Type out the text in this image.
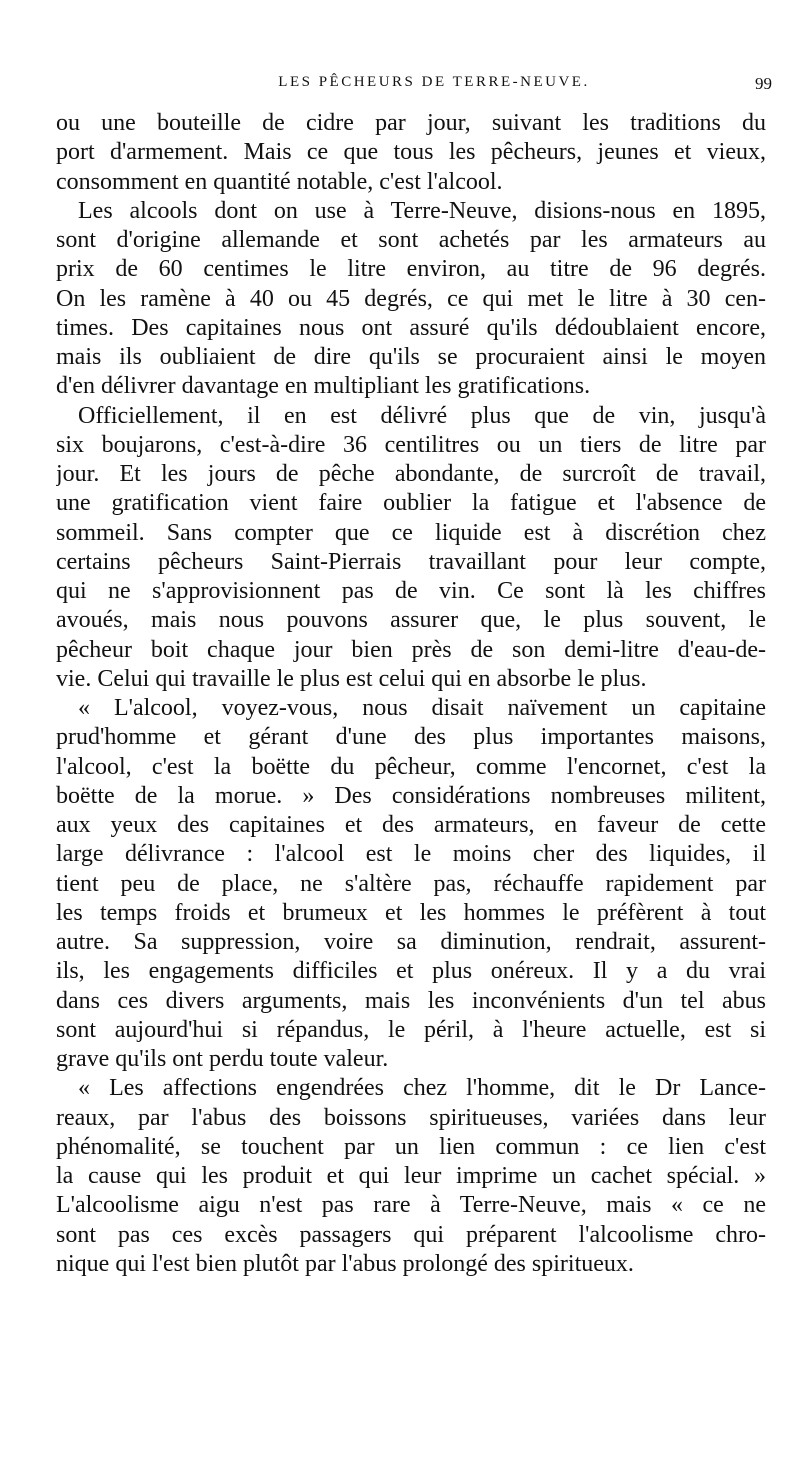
LES PÊCHEURS DE TERRE-NEUVE.	99
ou une bouteille de cidre par jour, suivant les traditions du
port d'armement. Mais ce que tous les pêcheurs, jeunes et vieux,
consomment en quantité notable, c'est l'alcool.
Les alcools dont on use à Terre-Neuve, disions-nous en 1895,
sont d'origine allemande et sont achetés par les armateurs au
prix de 60 centimes le litre environ, au titre de 96 degrés.
On les ramène à 40 ou 45 degrés, ce qui met le litre à 30 cen-
times. Des capitaines nous ont assuré qu'ils dédoublaient encore,
mais ils oubliaient de dire qu'ils se procuraient ainsi le moyen
d'en délivrer davantage en multipliant les gratifications.
Officiellement, il en est délivré plus que de vin, jusqu'à
six boujarons, c'est-à-dire 36 centilitres ou un tiers de litre par
jour. Et les jours de pêche abondante, de surcroît de travail,
une gratification vient faire oublier la fatigue et l'absence de
sommeil. Sans compter que ce liquide est à discrétion chez
certains pêcheurs Saint-Pierrais travaillant pour leur compte,
qui ne s'approvisionnent pas de vin. Ce sont là les chiffres
avoués, mais nous pouvons assurer que, le plus souvent, le
pêcheur boit chaque jour bien près de son demi-litre d'eau-de-
vie. Celui qui travaille le plus est celui qui en absorbe le plus.
« L'alcool, voyez-vous, nous disait naïvement un capitaine
prud'homme et gérant d'une des plus importantes maisons,
l'alcool, c'est la boëtte du pêcheur, comme l'encornet, c'est la
boëtte de la morue. » Des considérations nombreuses militent,
aux yeux des capitaines et des armateurs, en faveur de cette
large délivrance : l'alcool est le moins cher des liquides, il
tient peu de place, ne s'altère pas, réchauffe rapidement par
les temps froids et brumeux et les hommes le préfèrent à tout
autre. Sa suppression, voire sa diminution, rendrait, assurent-
ils, les engagements difficiles et plus onéreux. Il y a du vrai
dans ces divers arguments, mais les inconvénients d'un tel abus
sont aujourd'hui si répandus, le péril, à l'heure actuelle, est si
grave qu'ils ont perdu toute valeur.
« Les affections engendrées chez l'homme, dit le Dr Lance-
reaux, par l'abus des boissons spiritueuses, variées dans leur
phénomalité, se touchent par un lien commun : ce lien c'est
la cause qui les produit et qui leur imprime un cachet spécial. »
L'alcoolisme aigu n'est pas rare à Terre-Neuve, mais « ce ne
sont pas ces excès passagers qui préparent l'alcoolisme chro-
nique qui l'est bien plutôt par l'abus prolongé des spiritueux.
